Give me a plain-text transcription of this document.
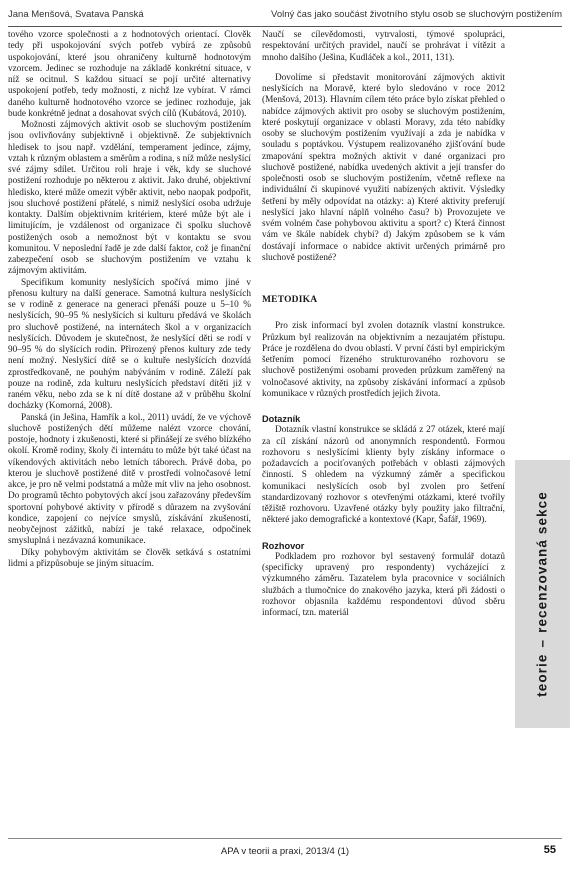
Jana Menšová, Svatava Panská	Volný čas jako součást životního stylu osob se sluchovým postižením

tového vzorce společnosti a z hodnotových orientací. Člověk tedy při uspokojování svých potřeb vybírá ze způsobů uspokojování, které jsou ohraničeny kulturně hodnotovým vzorcem. Jedinec se rozhoduje na základě konkrétní situace, v níž se ocitnul. S každou situací se pojí určité alternativy uspokojení potřeb, tedy možnosti, z nichž lze vybírat. V rámci daného kulturně hodnotového vzorce se jedinec rozhoduje, jak bude konkrétně jednat a dosahovat svých cílů (Kubátová, 2010).

Možnosti zájmových aktivit osob se sluchovým postižením jsou ovlivňovány subjektivně i objektivně. Ze subjektivních hledisek to jsou např. vzdělání, temperament jedince, zájmy, vztah k různým oblastem a směrům a rodina, s níž může neslyšící své zájmy sdílet. Určitou roli hraje i věk, kdy se sluchové postižení rozhoduje po některou z aktivit. Jako druhé, objektivní hledisko, které může omezit výběr aktivit, nebo naopak podpořit, jsou sluchové postižení přátelé, s nimiž neslyšící osoba udržuje kontakty. Dalším objektivním kritériem, které může být ale i limitujícím, je vzdálenost od organizace či spolku sluchově postižených osob a nemožnost být v kontaktu se svou komunitou. V neposlední řadě je zde další faktor, což je finanční zabezpečení osob se sluchovým postižením ve vztahu k zájmovým aktivitám.

Specifikum komunity neslyšících spočívá mimo jiné v přenosu kultury na další generace. Samotná kultura neslyšících se v rodině z generace na generaci přenáší pouze u 5–10 % neslyšících, 90–95 % neslyšících si kulturu předává ve školách pro sluchově postižené, na internátech škol a v organizacích neslyšících. Důvodem je skutečnost, že neslyšící děti se rodí v 90–95 % do slyšících rodin. Přirozený přenos kultury zde tedy není možný. Neslyšící dítě se o kultuře neslyšících dozvídá zprostředkovaně, ne pouhým nabýváním v rodině. Záleží pak pouze na rodině, zda kulturu neslyšících představí dítěti již v raném věku, nebo zda se k ní dítě dostane až v průběhu školní docházky (Komorná, 2008).

Panská (in Ješina, Hamřík a kol., 2011) uvádí, že ve výchově sluchově postižených dětí můžeme nalézt vzorce chování, postoje, hodnoty i zkušenosti, které si přinášejí ze svého blízkého okolí. Kromě rodiny, školy či internátu to může být také účast na víkendových aktivitách nebo letních táborech. Právě doba, po kterou je sluchově postižené dítě v prostředí volnočasové letní akce, je pro ně velmi podstatná a může mít vliv na jeho osobnost. Do programů těchto pobytových akcí jsou zařazovány především sportovní pohybové aktivity v přírodě s důrazem na zvyšování kondice, zapojení co nejvíce smyslů, získávání zkušeností, neobyčejnost zážitků, nabízí je také relaxace, odpočinek smysluplná i nezávazná komunikace.

Díky pohybovým aktivitám se člověk setkává s ostatními lidmi a přizpůsobuje se jiným situacím.

Naučí se cílevědomosti, vytrvalosti, týmové spolupráci, respektování určitých pravidel, naučí se prohrávat i vítězit a mnoho dalšího (Ješina, Kudláček a kol., 2011, 131).

Dovolíme si představit monitorování zájmových aktivit neslyšících na Moravě, které bylo sledováno v roce 2012 (Menšová, 2013). Hlavním cílem této práce bylo získat přehled o nabídce zájmových aktivit pro osoby se sluchovým postižením, které poskytují organizace v oblasti Moravy, zda této nabídky osoby se sluchovým postižením využívají a zda je nabídka v souladu s poptávkou. Výstupem realizovaného zjišťování bude zmapování spektra možných aktivit v dané organizaci pro sluchově postižené, nabídka uvedených aktivit a její transfer do společnosti osob se sluchovým postižením, včetně reflexe na individuální či skupinové využití nabízených aktivit. Výsledky šetření by měly odpovídat na otázky: a) Které aktivity preferují neslyšící jako hlavní náplň volného času? b) Provozujete ve svém volném čase pohybovou aktivitu a sport? c) Která činnost vám ve škále nabídek chybí? d) Jakým způsobem se k vám dostávají informace o nabídce aktivit určených primárně pro sluchově postižené?

METODIKA

Pro zisk informací byl zvolen dotazník vlastní konstrukce. Průzkum byl realizován na objektivním a nezaujatém přístupu. Práce je rozdělena do dvou oblastí. V první části byl empirickým šetřením pomocí řízeného strukturovaného rozhovoru se sluchově postiženými osobami proveden průzkum zaměřený na volnočasové aktivity, na způsoby získávání informací a způsob komunikace v různých prostředích jejich života.

Dotazník

Dotazník vlastní konstrukce se skládá z 27 otázek, které mají za cíl získání názorů od anonymních respondentů. Formou rozhovoru s neslyšícími klienty byly získány informace o požadavcích a pociťovaných potřebách v oblasti zájmových činností. S ohledem na výzkumný záměr a specifickou komunikaci neslyšících osob byl zvolen pro šetření standardizovaný rozhovor s otevřenými otázkami, které tvořily těžiště rozhovoru. Uzavřené otázky byly použity jako filtrační, některé jako demografické a kontextové (Kapr, Šafář, 1969).

Rozhovor

Podkladem pro rozhovor byl sestavený formulář dotazů (specificky upravený pro respondenty) vycházející z výzkumného záměru. Tazatelem byla pracovnice v sociálních službách a tlumočnice do znakového jazyka, která při žádosti o rozhovor objasnila každému respondentovi důvod sběru informací, tzn. materiál

teorie–recenzovaná sekce
APA v teorii a praxi, 2013/4 (1)	55
